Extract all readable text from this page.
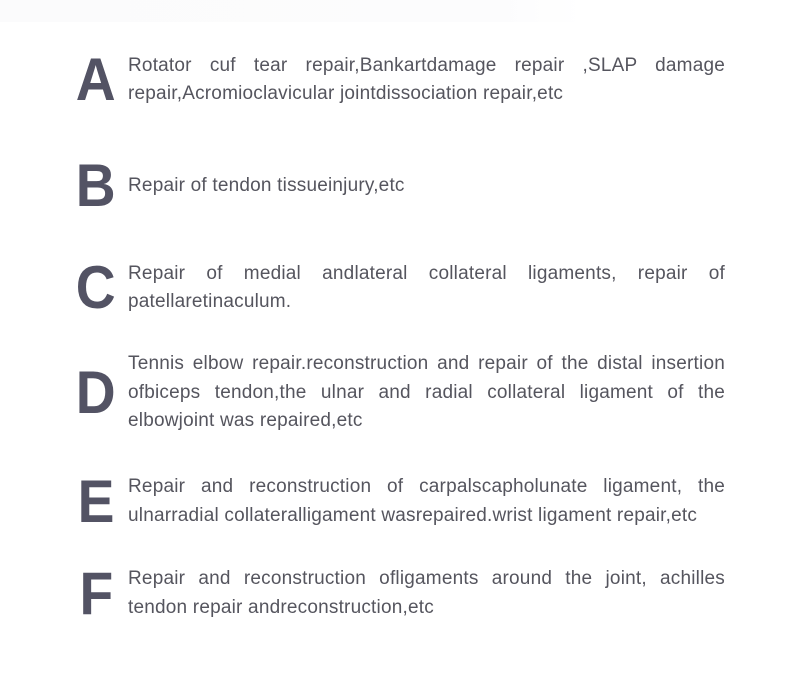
A Rotator cuf tear repair,Bankartdamage repair ,SLAP damage repair,Acromioclavicular jointdissociation repair,etc
B Repair of tendon tissueinjury,etc
C Repair of medial andlateral collateral ligaments, repair of patellaretinaculum.
D Tennis elbow repair.reconstruction and repair of the distal insertion ofbiceps tendon,the ulnar and radial collateral ligament of the elbowjoint was repaired,etc
E Repair and reconstruction of carpalscapholunate ligament, the ulnarradial collateralligament wasrepaired.wrist ligament repair,etc
F Repair and reconstruction ofligaments around the joint, achilles tendon repair andreconstruction,etc
